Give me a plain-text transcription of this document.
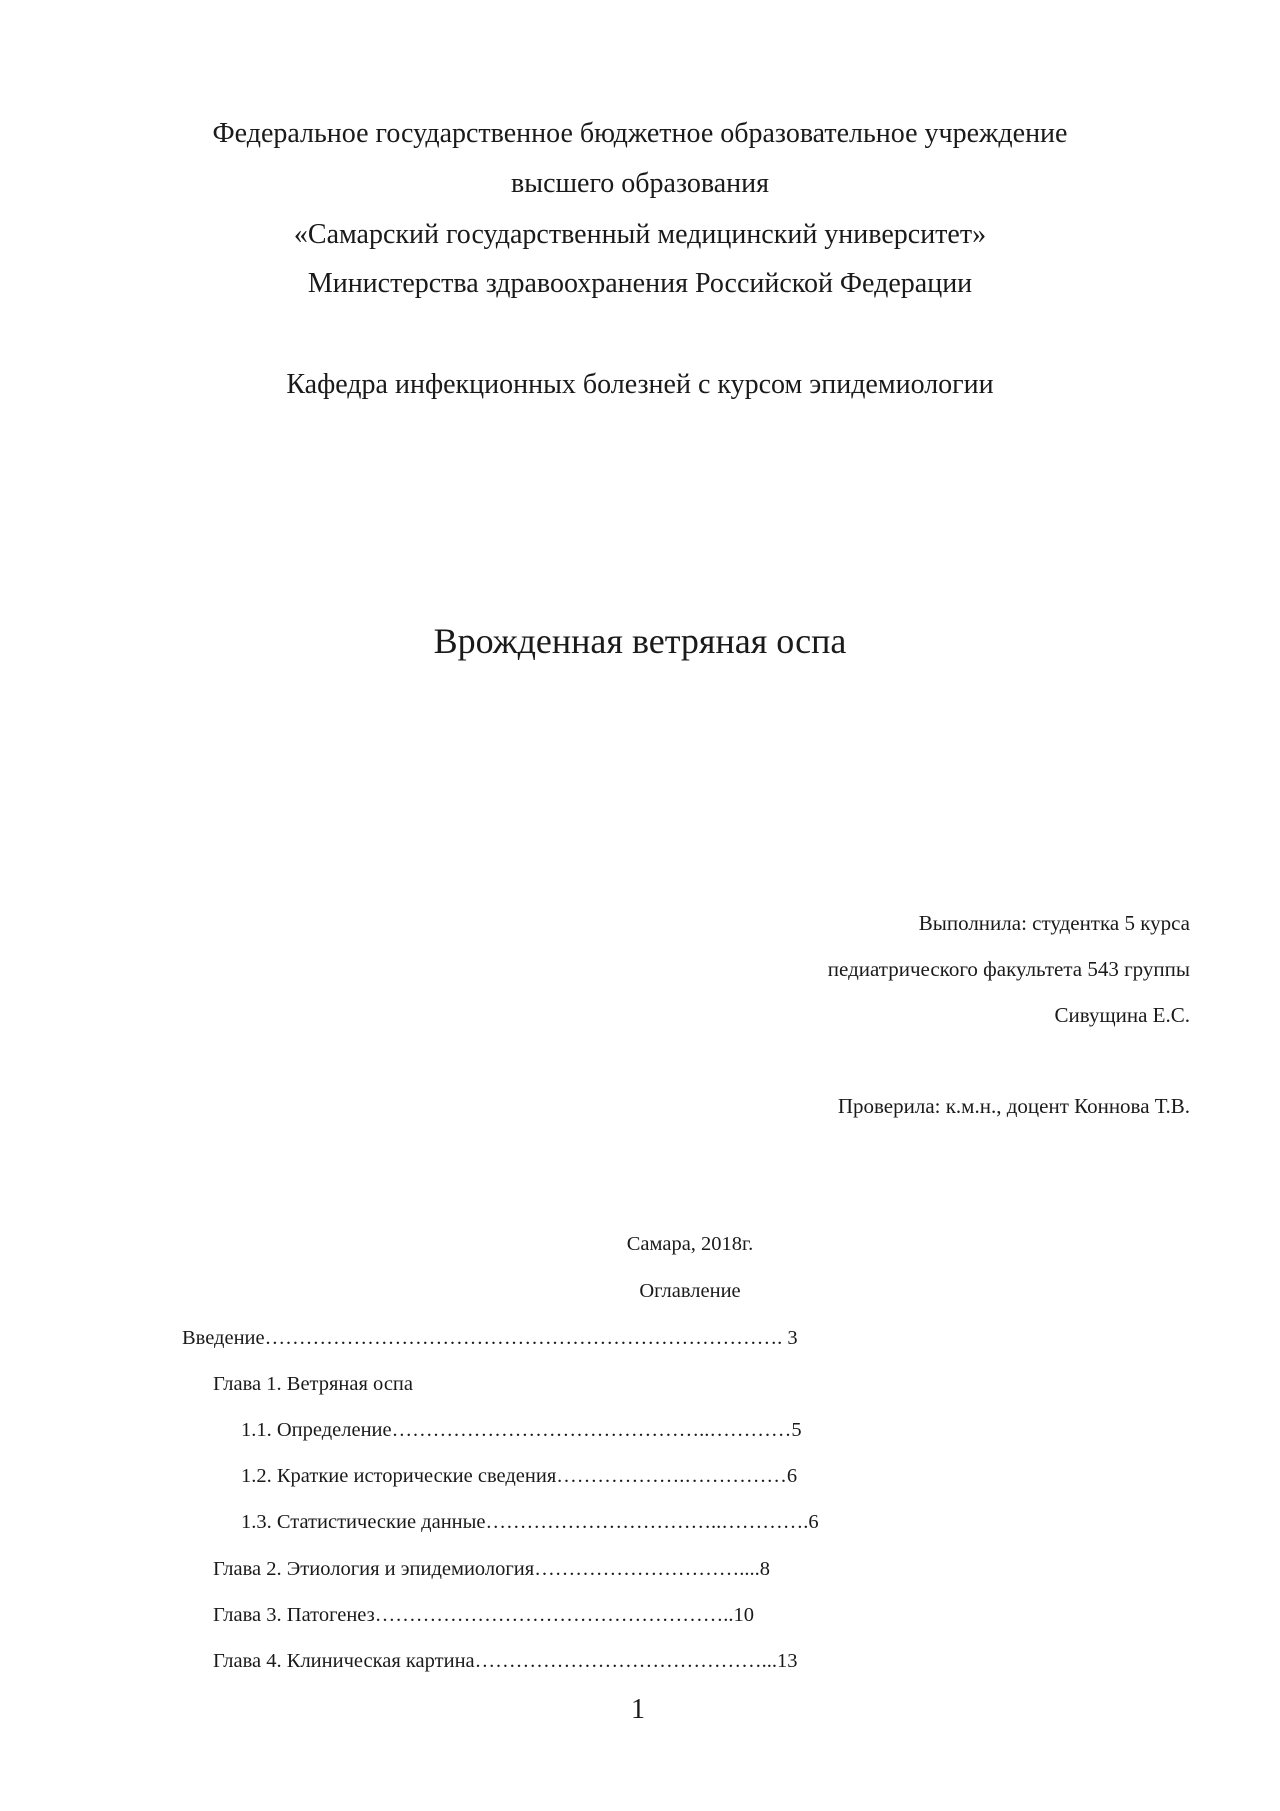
Федеральное государственное бюджетное образовательное учреждение
высшего образования
«Самарский государственный медицинский университет»
Министерства здравоохранения Российской Федерации
Кафедра инфекционных болезней с курсом эпидемиологии
Врожденная ветряная оспа
Выполнила: студентка 5 курса
педиатрического факультета 543 группы
Сивущина Е.С.
Проверила: к.м.н., доцент Коннова Т.В.
Самара, 2018г.
Оглавление
Введение…………………………………………………………………. 3
Глава 1. Ветряная оспа
1.1. Определение………………………………………..…………5
1.2. Краткие исторические сведения……………….……………6
1.3. Статистические данные……………………………..………….6
Глава 2. Этиология и эпидемиология…………………………....8
Глава 3. Патогенез……………………………………………..10
Глава 4. Клиническая картина……………………………………...13
1
